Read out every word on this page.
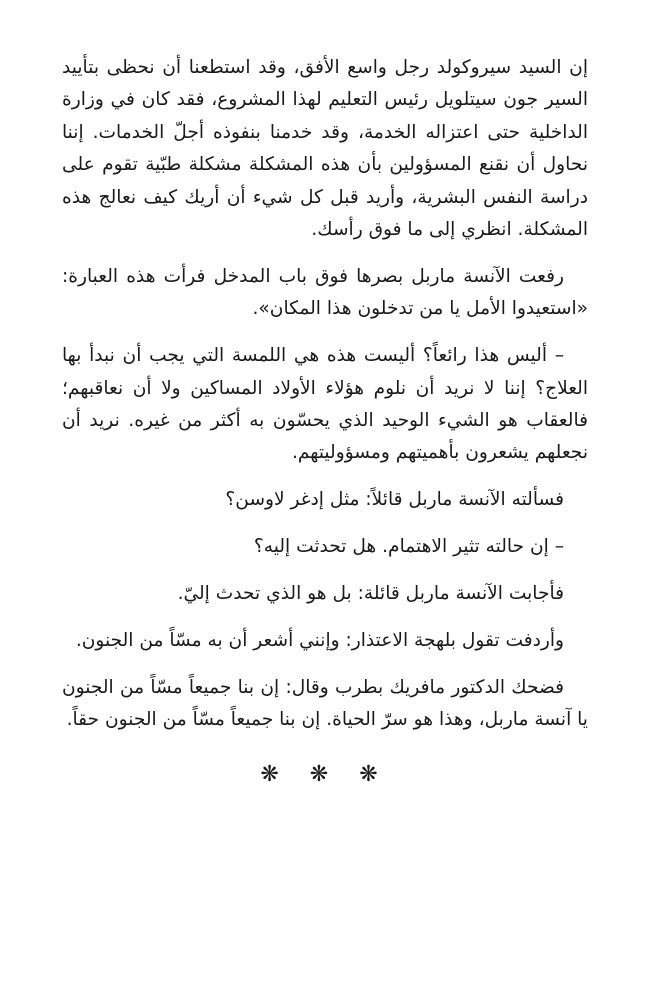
إن السيد سيروكولد رجل واسع الأفق، وقد استطعنا أن نحظى بتأييد السير جون سيتلويل رئيس التعليم لهذا المشروع، فقد كان في وزارة الداخلية حتى اعتزاله الخدمة، وقد خدمنا بنفوذه أجلّ الخدمات. إننا نحاول أن نقنع المسؤولين بأن هذه المشكلة مشكلة طبّية تقوم على دراسة النفس البشرية، وأريد قبل كل شيء أن أريك كيف نعالج هذه المشكلة. انظري إلى ما فوق رأسك.

رفعت الآنسة ماربل بصرها فوق باب المدخل فرأت هذه العبارة: «استعيدوا الأمل يا من تدخلون هذا المكان».

– أليس هذا رائعاً؟ أليست هذه هي اللمسة التي يجب أن نبدأ بها العلاج؟ إننا لا نريد أن نلوم هؤلاء الأولاد المساكين ولا أن نعاقبهم؛ فالعقاب هو الشيء الوحيد الذي يحسّون به أكثر من غيره. نريد أن نجعلهم يشعرون بأهميتهم ومسؤوليتهم.

فسألته الآنسة ماربل قائلاً: مثل إدغر لاوسن؟

– إن حالته تثير الاهتمام. هل تحدثت إليه؟

فأجابت الآنسة ماربل قائلة: بل هو الذي تحدث إليّ.

وأردفت تقول بلهجة الاعتذار: وإنني أشعر أن به مسّاً من الجنون.

فضحك الدكتور مافريك بطرب وقال: إن بنا جميعاً مسّاً من الجنون يا آنسة ماربل، وهذا هو سرّ الحياة. إن بنا جميعاً مسّاً من الجنون حقاً.

❋ ❋ ❋
